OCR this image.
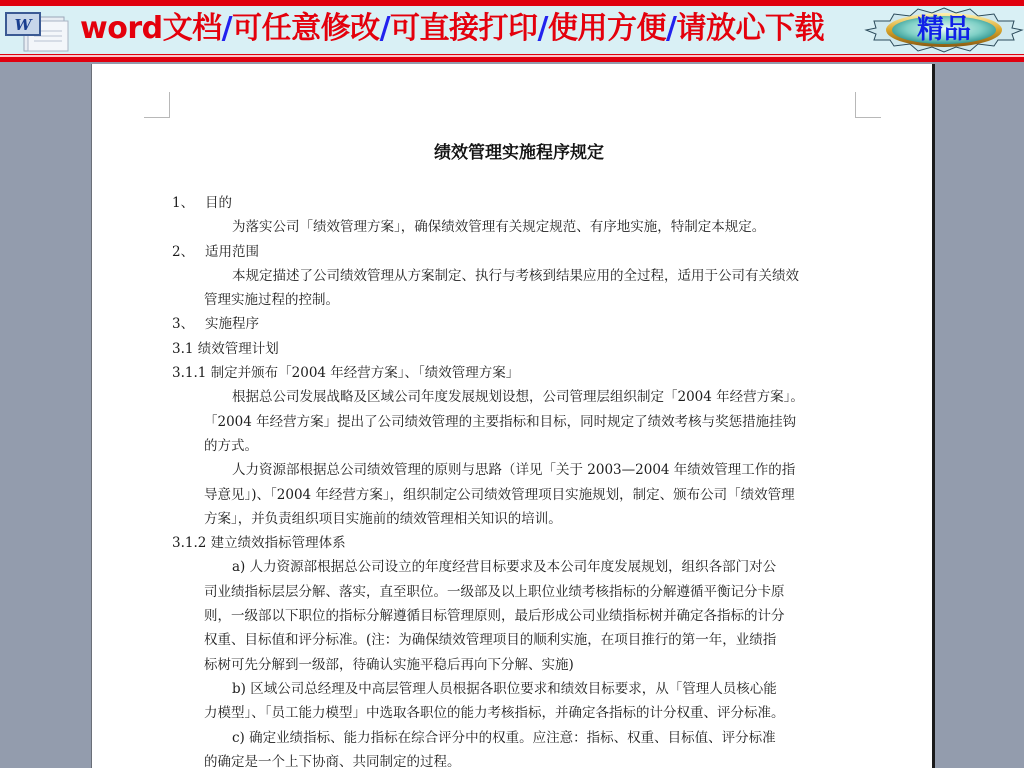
W word文档/可任意修改/可直接打印/使用方便/请放心下载	精品
绩效管理实施程序规定
1、 目的
为落实公司「绩效管理方案」，确保绩效管理有关规定规范、有序地实施，特制定本规定。
2、 适用范围
本规定描述了公司绩效管理从方案制定、执行与考核到结果应用的全过程，适用于公司有关绩效
管理实施过程的控制。
3、 实施程序
3.1 绩效管理计划
3.1.1 制定并颁布「2004 年经营方案」、「绩效管理方案」
根据总公司发展战略及区域公司年度发展规划设想，公司管理层组织制定「2004 年经营方案」。
「2004 年经营方案」提出了公司绩效管理的主要指标和目标，同时规定了绩效考核与奖惩措施挂钩
的方式。
人力资源部根据总公司绩效管理的原则与思路（详见「关于 2003—2004 年绩效管理工作的指
导意见」)、「2004 年经营方案」，组织制定公司绩效管理项目实施规划，制定、颁布公司「绩效管理
方案」，并负责组织项目实施前的绩效管理相关知识的培训。
3.1.2 建立绩效指标管理体系
a) 人力资源部根据总公司设立的年度经营目标要求及本公司年度发展规划，组织各部门对公
司业绩指标层层分解、落实，直至职位。一级部及以上职位业绩考核指标的分解遵循平衡记分卡原
则，一级部以下职位的指标分解遵循目标管理原则，最后形成公司业绩指标树并确定各指标的计分
权重、目标值和评分标准。(注：为确保绩效管理项目的顺利实施，在项目推行的第一年，业绩指
标树可先分解到一级部，待确认实施平稳后再向下分解、实施)
b) 区域公司总经理及中高层管理人员根据各职位要求和绩效目标要求，从「管理人员核心能
力模型」、「员工能力模型」中选取各职位的能力考核指标，并确定各指标的计分权重、评分标准。
c) 确定业绩指标、能力指标在综合评分中的权重。应注意：指标、权重、目标值、评分标准
的确定是一个上下协商、共同制定的过程。
